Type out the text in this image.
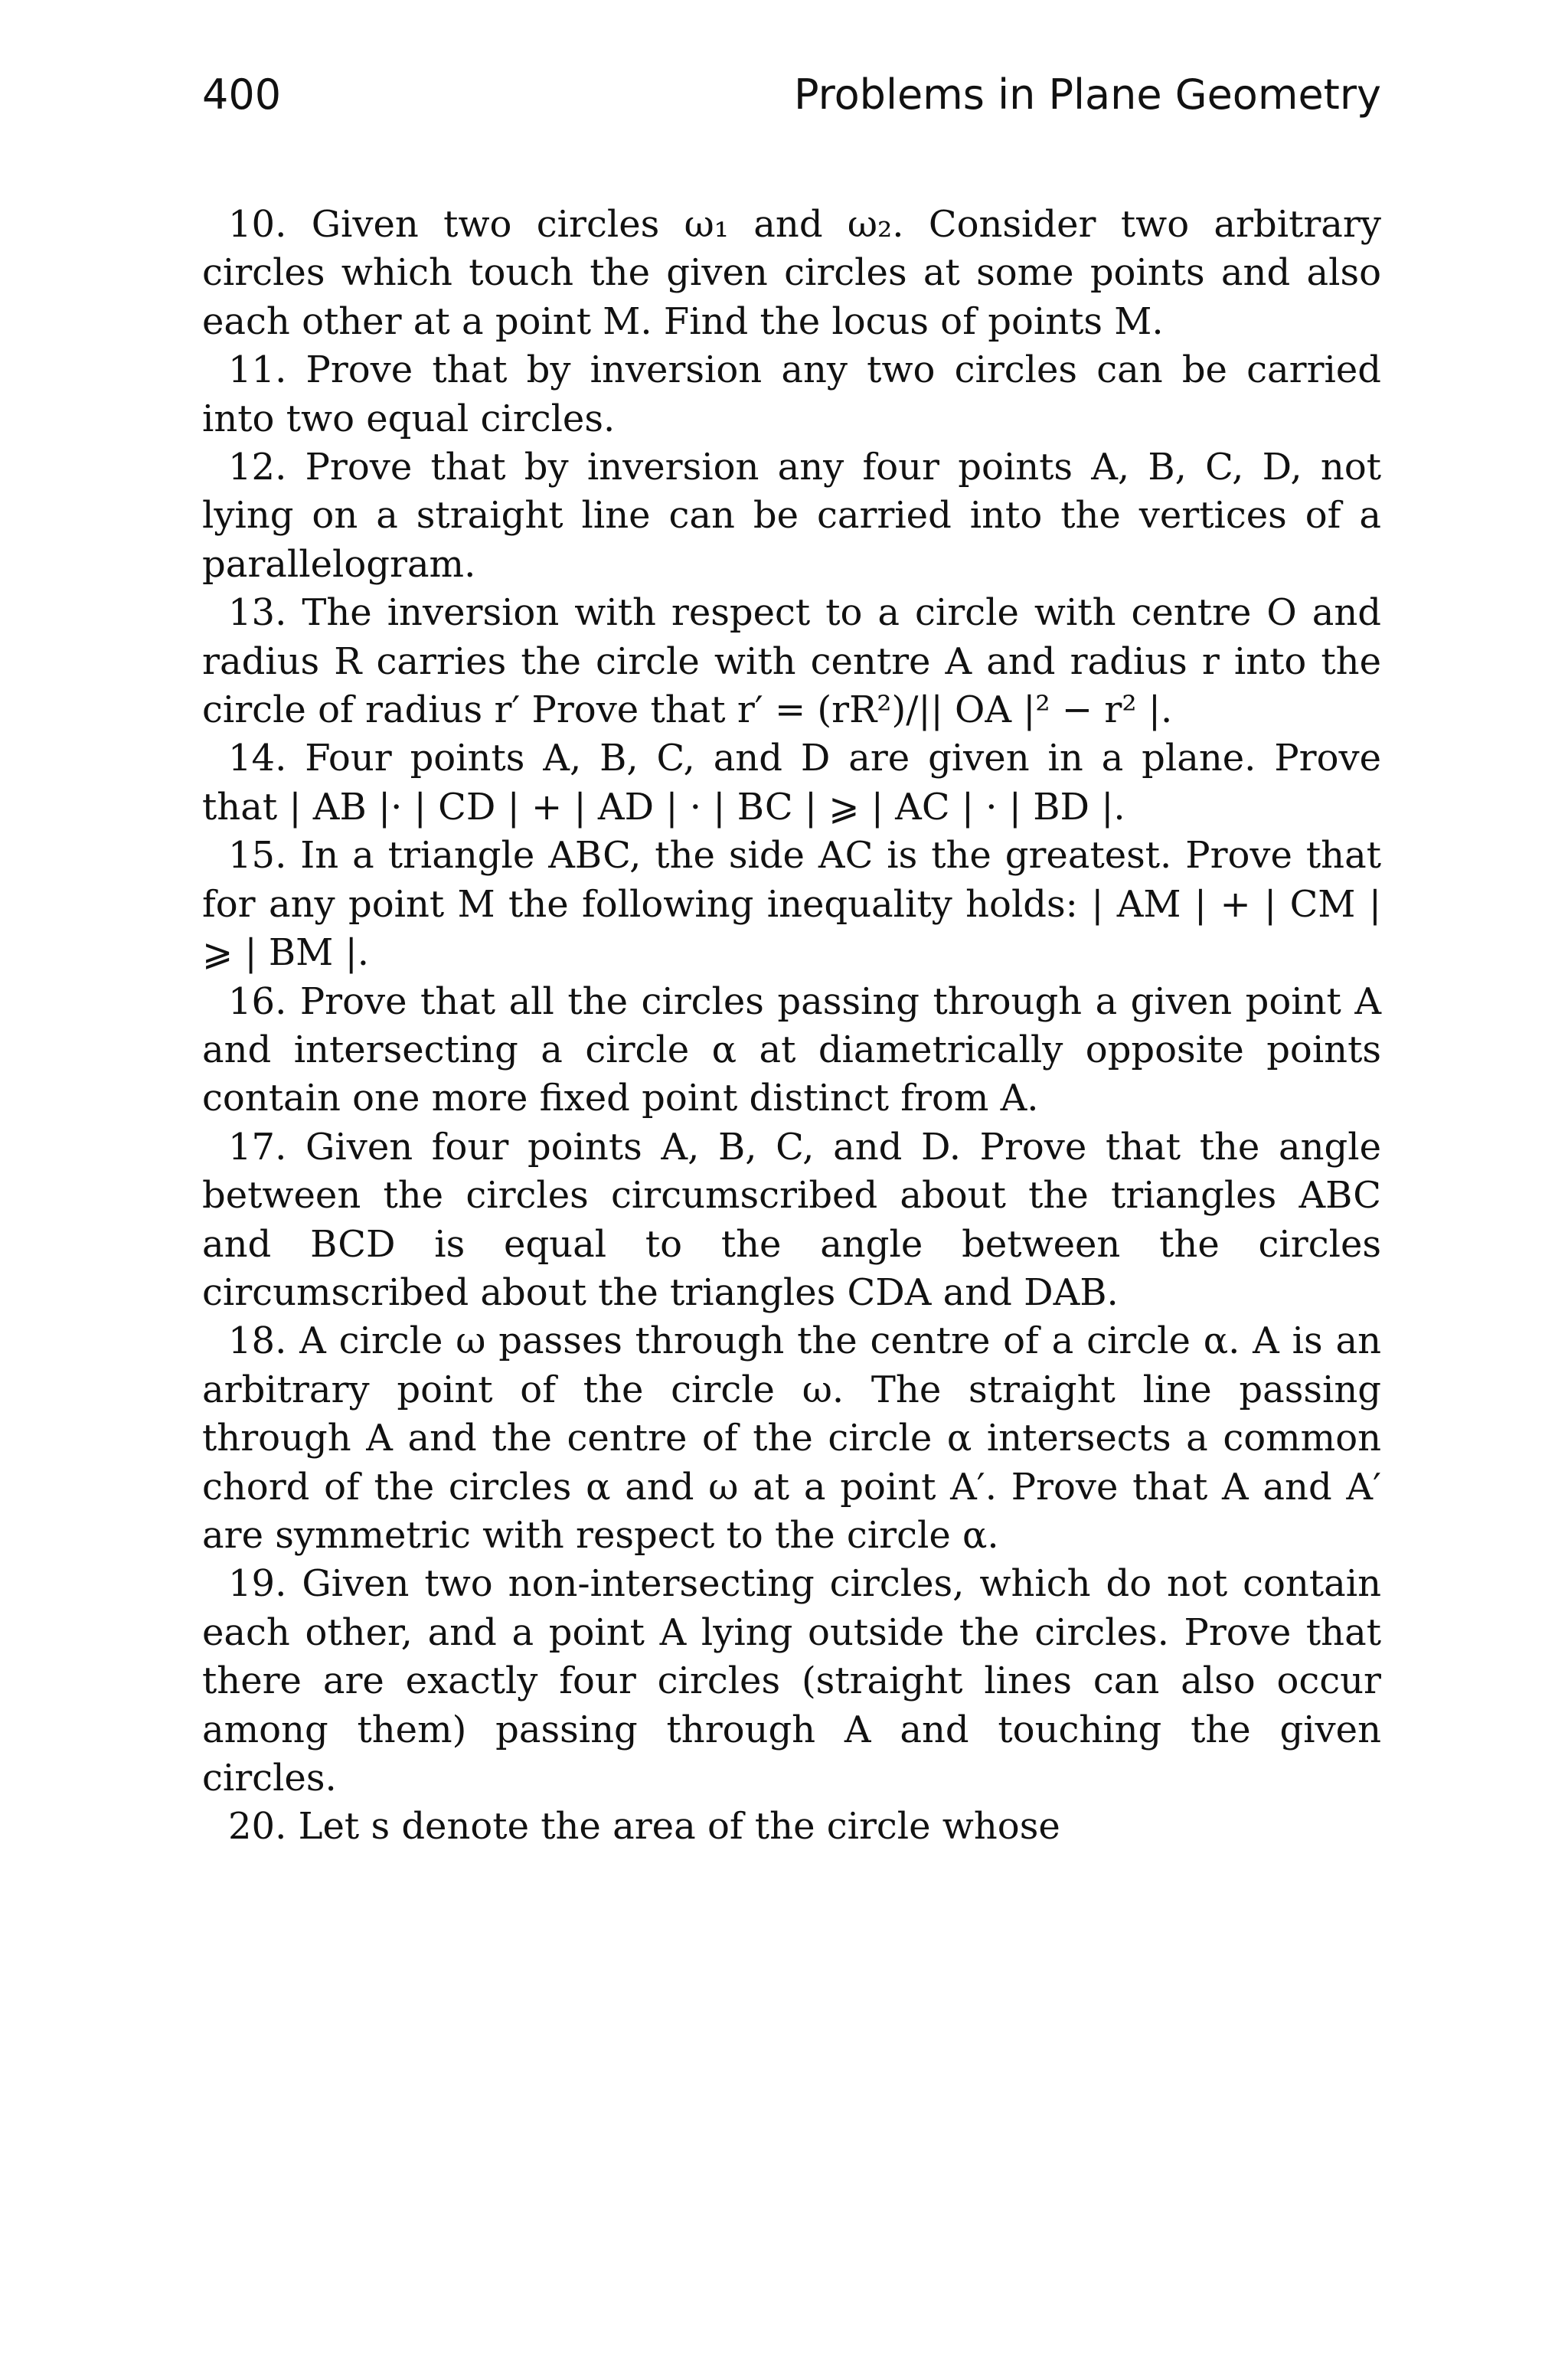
400	Problems in Plane Geometry

10. Given two circles ω₁ and ω₂. Consider two arbitrary circles which touch the given circles at some points and also each other at a point M. Find the locus of points M.

11. Prove that by inversion any two circles can be carried into two equal circles.

12. Prove that by inversion any four points A, B, C, D, not lying on a straight line can be carried into the vertices of a parallelogram.

13. The inversion with respect to a circle with centre O and radius R carries the circle with centre A and radius r into the circle of radius r′ Prove that r′ = (rR²)/|| OA |² − r² |.

14. Four points A, B, C, and D are given in a plane. Prove that | AB |· | CD | + | AD | · | BC | ⩾ | AC | · | BD |.

15. In a triangle ABC, the side AC is the greatest. Prove that for any point M the following inequality holds: | AM | + | CM | ⩾ | BM |.

16. Prove that all the circles passing through a given point A and intersecting a circle α at diametrically opposite points contain one more fixed point distinct from A.

17. Given four points A, B, C, and D. Prove that the angle between the circles circumscribed about the triangles ABC and BCD is equal to the angle between the circles circumscribed about the triangles CDA and DAB.

18. A circle ω passes through the centre of a circle α. A is an arbitrary point of the circle ω. The straight line passing through A and the centre of the circle α intersects a common chord of the circles α and ω at a point A′. Prove that A and A′ are symmetric with respect to the circle α.

19. Given two non-intersecting circles, which do not contain each other, and a point A lying outside the circles. Prove that there are exactly four circles (straight lines can also occur among them) passing through A and touching the given circles.

20. Let s denote the area of the circle whose
